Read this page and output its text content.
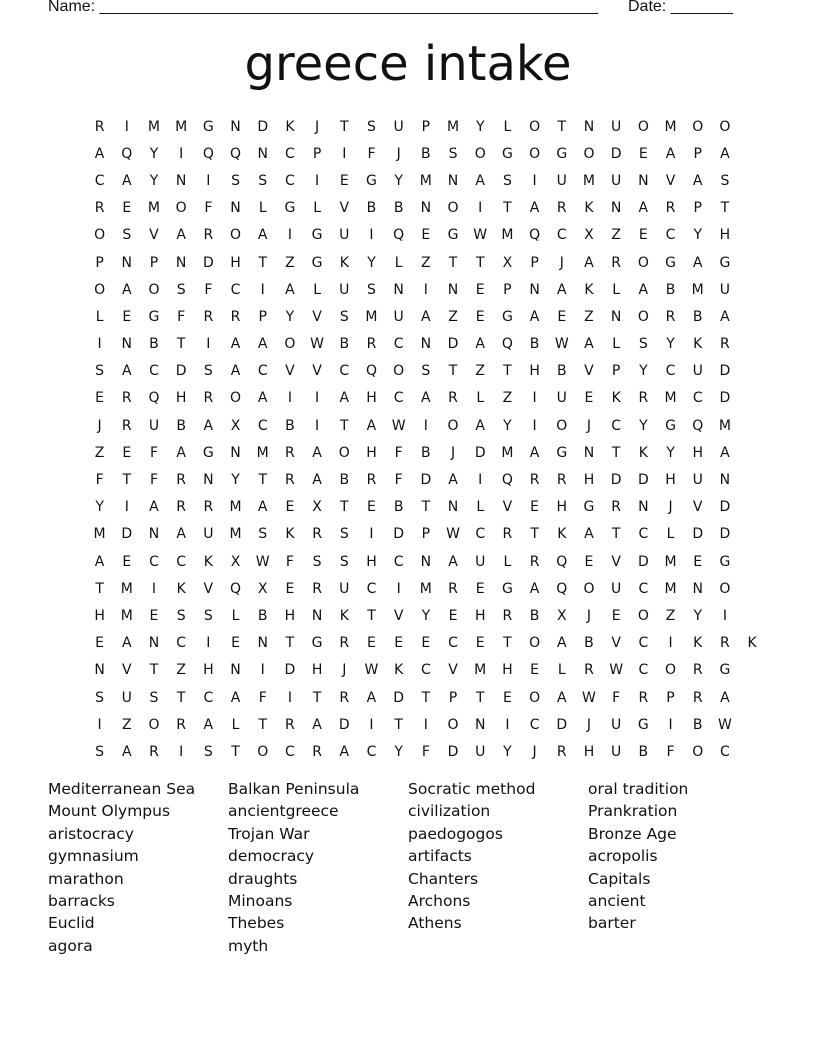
Name: ________________________________________________________ Date: _______
greece intake
R	I	M	M	G	N	D	K	J	T	S	U	P	M	Y	L	O	T	N	U	O	M	O	O
A	Q	Y	I	Q	Q	N	C	P	I	F	J	B	S	O	G	O	G	O	D	E	A	P	A
C	A	Y	N	I	S	S	C	I	E	G	Y	M	N	A	S	I	U	M	U	N	V	A	S
R	E	M	O	F	N	L	G	L	V	B	B	N	O	I	T	A	R	K	N	A	R	P	T
O	S	V	A	R	O	A	I	G	U	I	Q	E	G	W	M	Q	C	X	Z	E	C	Y	H
P	N	P	N	D	H	T	Z	G	K	Y	L	Z	T	T	X	P	J	A	R	O	G	A	G
O	A	O	S	F	C	I	A	L	U	S	N	I	N	E	P	N	A	K	L	A	B	M	U
L	E	G	F	R	R	P	Y	V	S	M	U	A	Z	E	G	A	E	Z	N	O	R	B	A
I	N	B	T	I	A	A	O	W	B	R	C	N	D	A	Q	B	W	A	L	S	Y	K	R
S	A	C	D	S	A	C	V	V	C	Q	O	S	T	Z	T	H	B	V	P	Y	C	U	D
E	R	Q	H	R	O	A	I	I	A	H	C	A	R	L	Z	I	U	E	K	R	M	C	D
J	R	U	B	A	X	C	B	I	T	A	W	I	O	A	Y	I	O	J	C	Y	G	Q	M
Z	E	F	A	G	N	M	R	A	O	H	F	B	J	D	M	A	G	N	T	K	Y	H	A
F	T	F	R	N	Y	T	R	A	B	R	F	D	A	I	Q	R	R	H	D	D	H	U	N
Y	I	A	R	R	M	A	E	X	T	E	B	T	N	L	V	E	H	G	R	N	J	V	D
M	D	N	A	U	M	S	K	R	S	I	D	P	W	C	R	T	K	A	T	C	L	D	D
A	E	C	C	K	X	W	F	S	S	H	C	N	A	U	L	R	Q	E	V	D	M	E	G
T	M	I	K	V	Q	X	E	R	U	C	I	M	R	E	G	A	Q	O	U	C	M	N	O
H	M	E	S	S	L	B	H	N	K	T	V	Y	E	H	R	B	X	J	E	O	Z	Y	I
E	A	N	C	I	E	N	T	G	R	E	E	E	C	E	T	O	A	B	V	C	I	K	R	K
N	V	T	Z	H	N	I	D	H	J	W	K	C	V	M	H	E	L	R	W	C	O	R	G
S	U	S	T	C	A	F	I	T	R	A	D	T	P	T	E	O	A	W	F	R	P	R	A
I	Z	O	R	A	L	T	R	A	D	I	T	I	O	N	I	C	D	J	U	G	I	B	W
S	A	R	I	S	T	O	C	R	A	C	Y	F	D	U	Y	J	R	H	U	B	F	O	C
Mediterranean Sea
Mount Olympus
aristocracy
gymnasium
marathon
barracks
Euclid
agora
Balkan Peninsula
ancientgreece
Trojan War
democracy
draughts
Minoans
Thebes
myth
Socratic method
civilization
paedogogos
artifacts
Chanters
Archons
Athens
oral tradition
Prankration
Bronze Age
acropolis
Capitals
ancient
barter
